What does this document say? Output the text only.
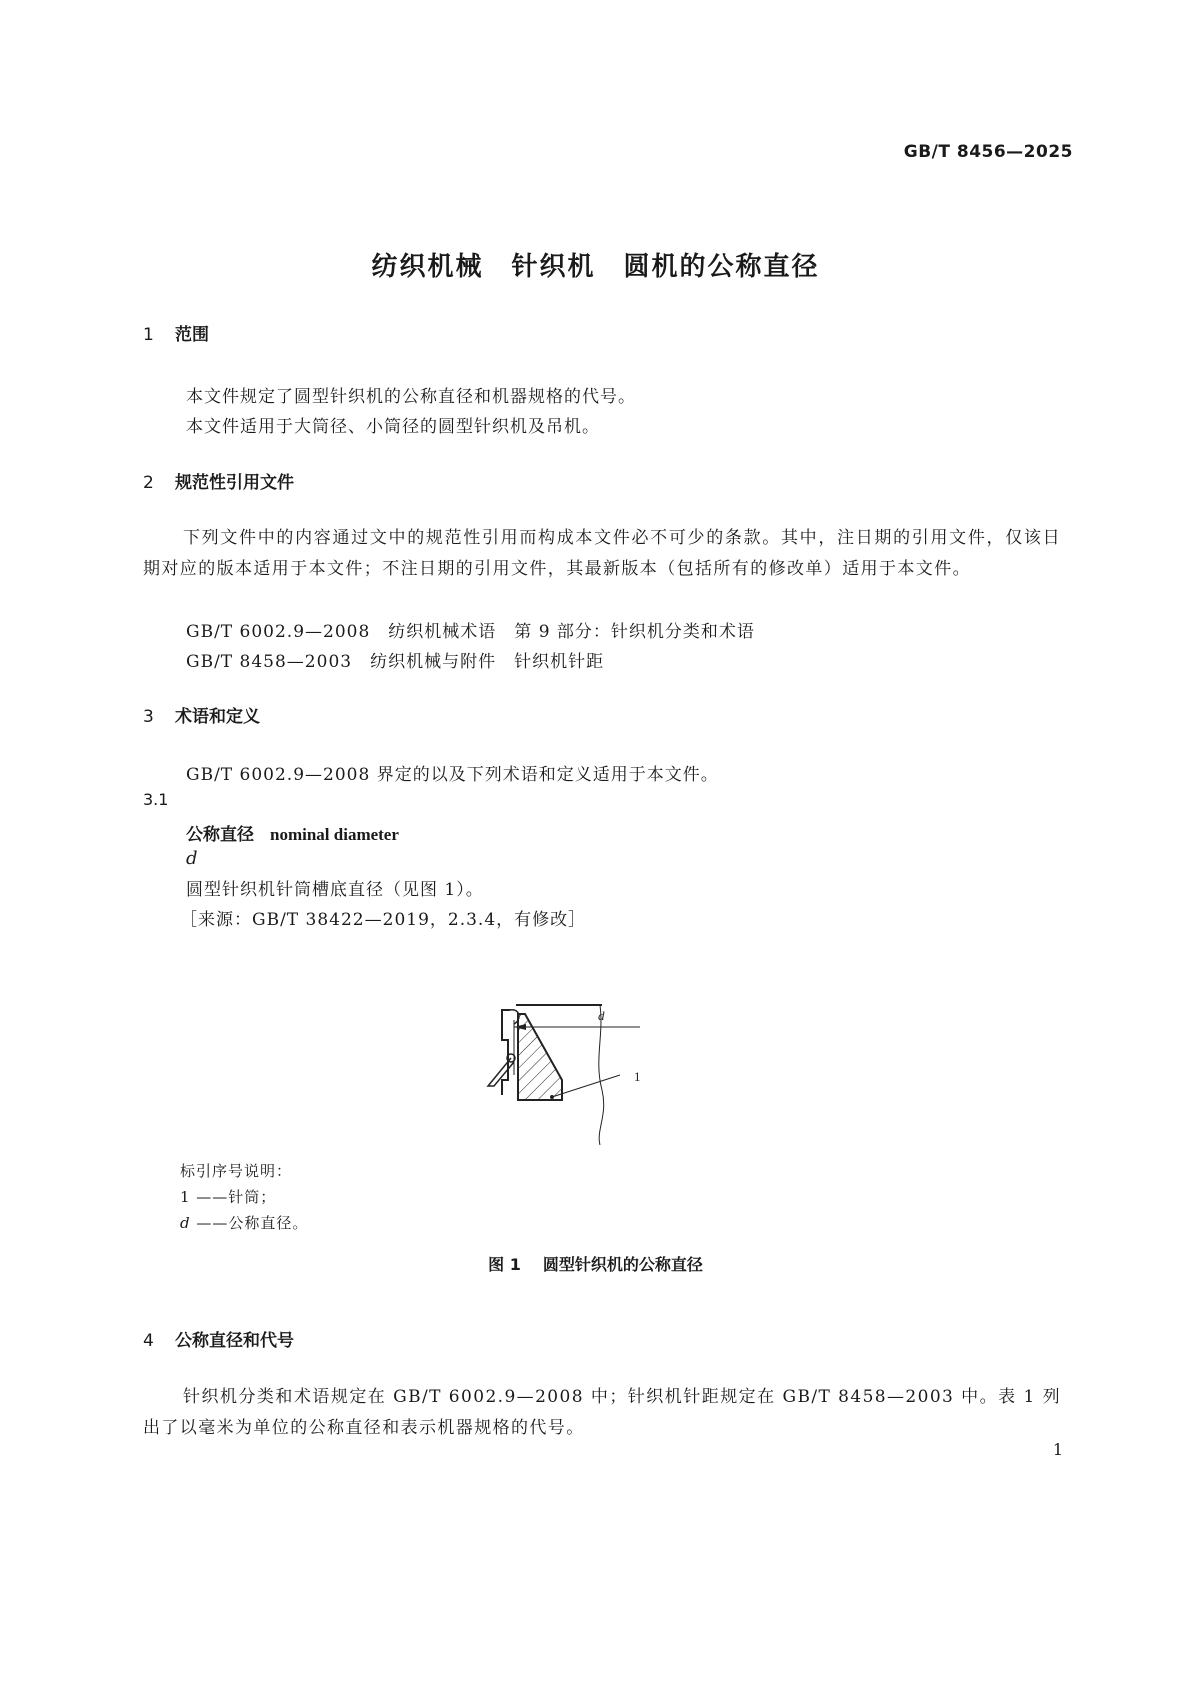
GB/T 8456—2025
纺织机械　针织机　圆机的公称直径
1 范围
本文件规定了圆型针织机的公称直径和机器规格的代号。
本文件适用于大筒径、小筒径的圆型针织机及吊机。
2 规范性引用文件
下列文件中的内容通过文中的规范性引用而构成本文件必不可少的条款。其中，注日期的引用文件，仅该日期对应的版本适用于本文件；不注日期的引用文件，其最新版本（包括所有的修改单）适用于本文件。
GB/T 6002.9—2008　纺织机械术语　第 9 部分：针织机分类和术语
GB/T 8458—2003　纺织机械与附件　针织机针距
3 术语和定义
GB/T 6002.9—2008 界定的以及下列术语和定义适用于本文件。
3.1
公称直径 nominal diameter
d
圆型针织机针筒槽底直径（见图 1）。
［来源：GB/T 38422—2019，2.3.4，有修改］
d
1
标引序号说明：
1 ——针筒；
d ——公称直径。
图 1 圆型针织机的公称直径
4 公称直径和代号
针织机分类和术语规定在 GB/T 6002.9—2008 中；针织机针距规定在 GB/T 8458—2003 中。表 1 列出了以毫米为单位的公称直径和表示机器规格的代号。
1
